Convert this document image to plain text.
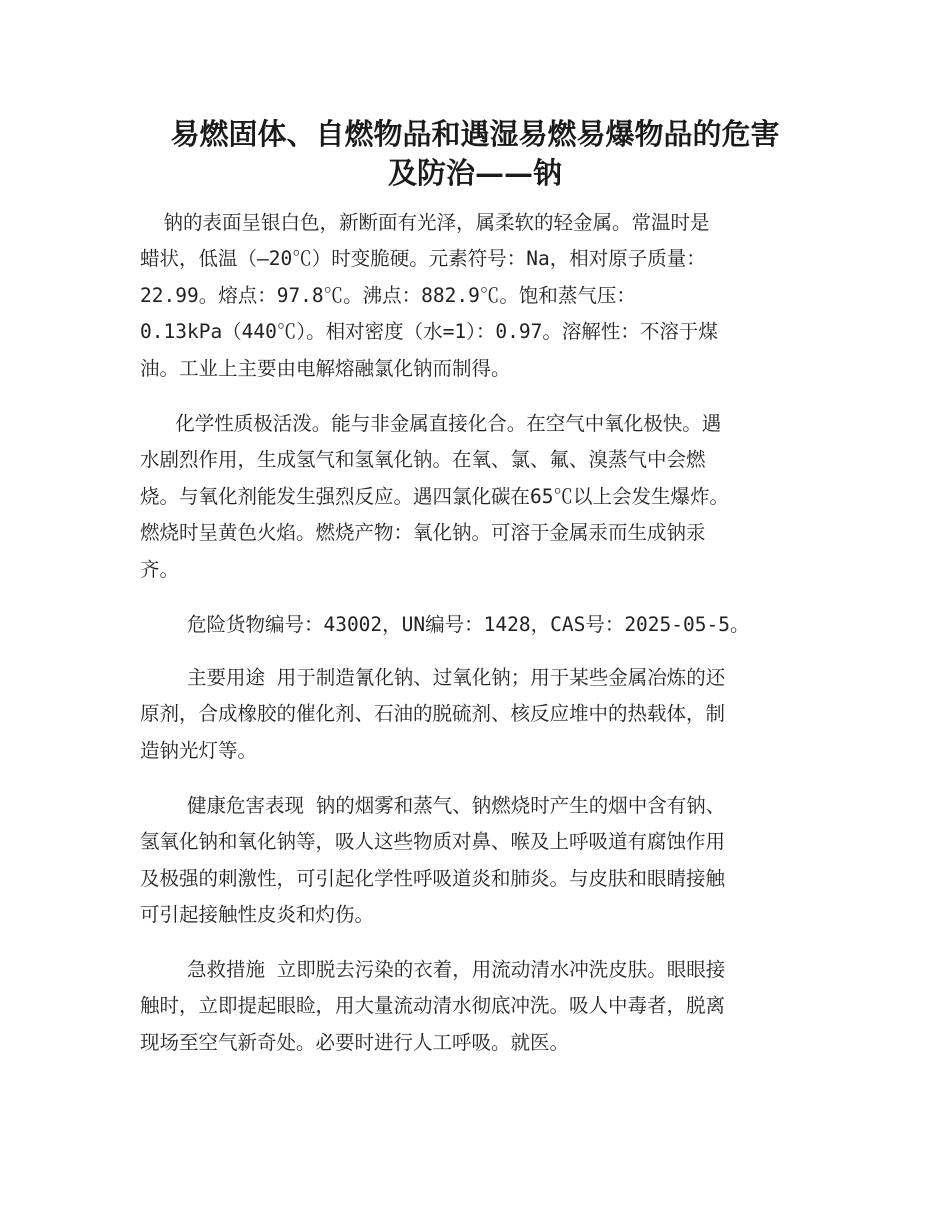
易燃固体、自燃物品和遇湿易燃易爆物品的危害
及防治——钠

钠的表面呈银白色，新断面有光泽，属柔软的轻金属。常温时是
蜡状，低温（—20℃）时变脆硬。元素符号：Na，相对原子质量：
22.99。熔点：97.8℃。沸点：882.9℃。饱和蒸气压：
0.13kPa（440℃）。相对密度（水=1）：0.97。溶解性：不溶于煤
油。工业上主要由电解熔融氯化钠而制得。

化学性质极活泼。能与非金属直接化合。在空气中氧化极快。遇
水剧烈作用，生成氢气和氢氧化钠。在氧、氯、氟、溴蒸气中会燃
烧。与氧化剂能发生强烈反应。遇四氯化碳在65℃以上会发生爆炸。
燃烧时呈黄色火焰。燃烧产物：氧化钠。可溶于金属汞而生成钠汞
齐。

危险货物编号：43002，UN编号：1428，CAS号：2025-05-5。

主要用途 用于制造氰化钠、过氧化钠；用于某些金属冶炼的还
原剂，合成橡胶的催化剂、石油的脱硫剂、核反应堆中的热载体，制
造钠光灯等。

健康危害表现 钠的烟雾和蒸气、钠燃烧时产生的烟中含有钠、
氢氧化钠和氧化钠等，吸人这些物质对鼻、喉及上呼吸道有腐蚀作用
及极强的刺激性，可引起化学性呼吸道炎和肺炎。与皮肤和眼睛接触
可引起接触性皮炎和灼伤。

急救措施 立即脱去污染的衣着，用流动清水冲洗皮肤。眼眼接
触时，立即提起眼睑，用大量流动清水彻底冲洗。吸人中毒者，脱离
现场至空气新奇处。必要时进行人工呼吸。就医。
